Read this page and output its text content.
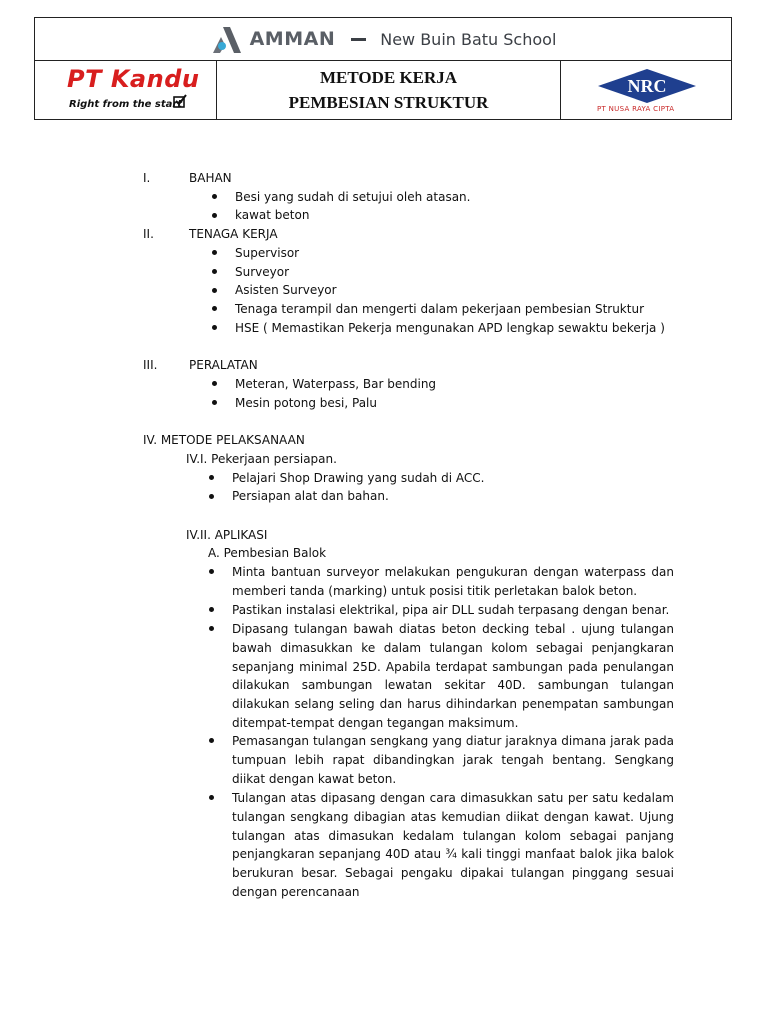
AMMAN	New Buin Batu School
PT Kandu
Right from the start
METODE KERJA
PEMBESIAN STRUKTUR
NRC
PT NUSA RAYA CIPTA
I.	BAHAN
Besi yang sudah di setujui oleh atasan.
kawat beton
II.	TENAGA KERJA
Supervisor
Surveyor
Asisten Surveyor
Tenaga terampil dan mengerti dalam pekerjaan pembesian Struktur
HSE ( Memastikan Pekerja mengunakan APD lengkap sewaktu bekerja )
III.	PERALATAN
Meteran, Waterpass, Bar bending
Mesin potong besi, Palu
IV. METODE PELAKSANAAN
IV.I. Pekerjaan persiapan.
Pelajari Shop Drawing yang sudah di ACC.
Persiapan alat dan bahan.
IV.II. APLIKASI
A. Pembesian Balok
Minta bantuan surveyor melakukan pengukuran dengan waterpass dan memberi tanda (marking) untuk posisi titik perletakan balok beton.
Pastikan instalasi elektrikal, pipa air DLL sudah terpasang dengan benar.
Dipasang tulangan bawah diatas beton decking tebal . ujung tulangan bawah dimasukkan ke dalam tulangan kolom sebagai penjangkaran sepanjang minimal 25D. Apabila terdapat sambungan pada penulangan dilakukan sambungan lewatan sekitar 40D. sambungan tulangan dilakukan selang seling dan harus dihindarkan penempatan sambungan ditempat-tempat dengan tegangan maksimum.
Pemasangan tulangan sengkang yang diatur jaraknya dimana jarak pada tumpuan lebih rapat dibandingkan jarak tengah bentang. Sengkang diikat dengan kawat beton.
Tulangan atas dipasang dengan cara dimasukkan satu per satu kedalam tulangan sengkang dibagian atas kemudian diikat dengan kawat. Ujung tulangan atas dimasukan kedalam tulangan kolom sebagai panjang penjangkaran sepanjang 40D atau ¾ kali tinggi manfaat balok jika balok berukuran besar. Sebagai pengaku dipakai tulangan pinggang sesuai dengan perencanaan
